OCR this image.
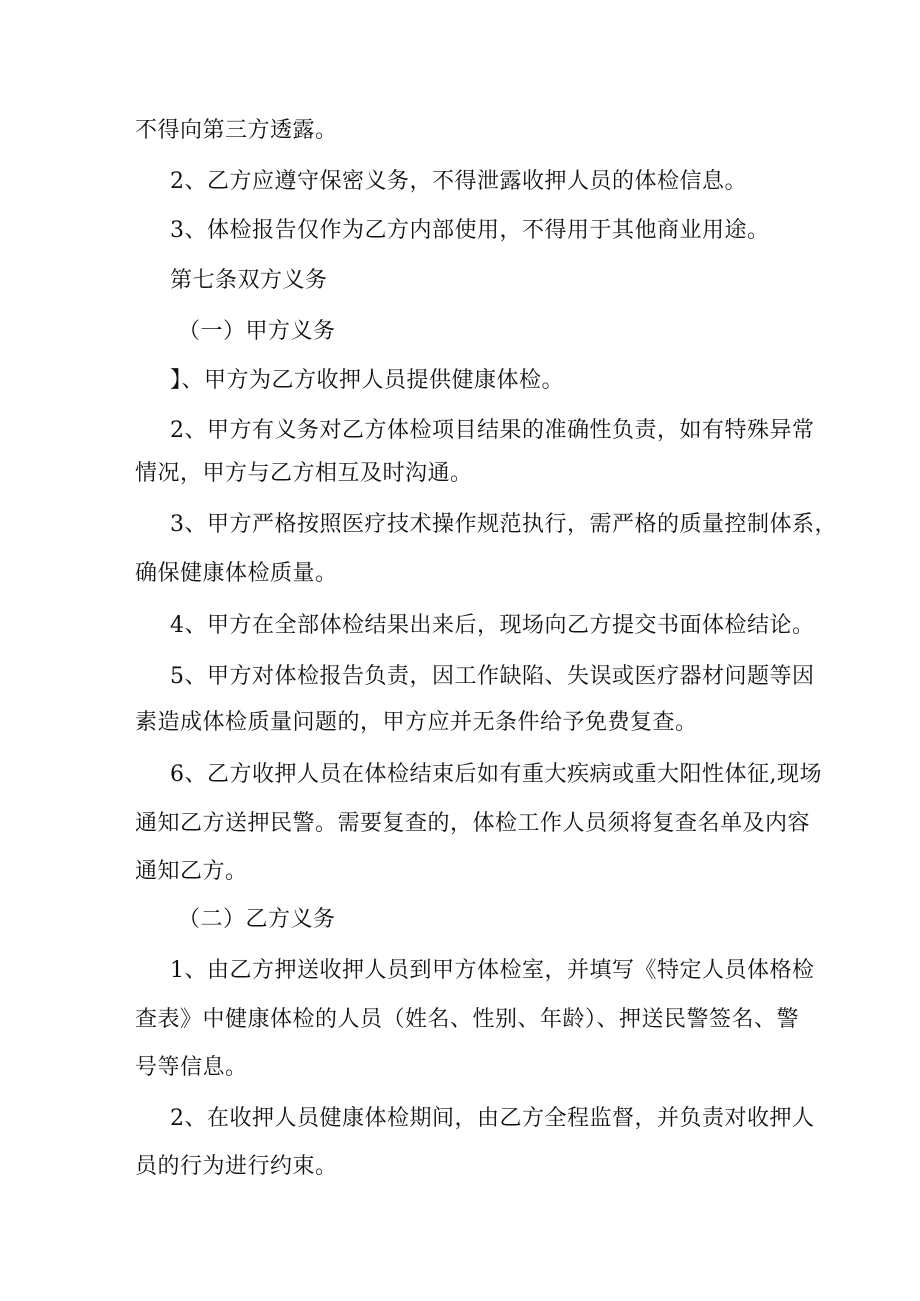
不得向第三方透露。
2、乙方应遵守保密义务，不得泄露收押人员的体检信息。
3、体检报告仅作为乙方内部使用，不得用于其他商业用途。
第七条双方义务
（一）甲方义务
】、甲方为乙方收押人员提供健康体检。
2、甲方有义务对乙方体检项目结果的准确性负责，如有特殊异常
情况，甲方与乙方相互及时沟通。
3、甲方严格按照医疗技术操作规范执行，需严格的质量控制体系，
确保健康体检质量。
4、甲方在全部体检结果出来后，现场向乙方提交书面体检结论。
5、甲方对体检报告负责，因工作缺陷、失误或医疗器材问题等因
素造成体检质量问题的，甲方应并无条件给予免费复查。
6、乙方收押人员在体检结束后如有重大疾病或重大阳性体征,现场
通知乙方送押民警。需要复查的，体检工作人员须将复查名单及内容
通知乙方。
（二）乙方义务
1、由乙方押送收押人员到甲方体检室，并填写《特定人员体格检
查表》中健康体检的人员（姓名、性别、年龄）、押送民警签名、警
号等信息。
2、在收押人员健康体检期间，由乙方全程监督，并负责对收押人
员的行为进行约束。
